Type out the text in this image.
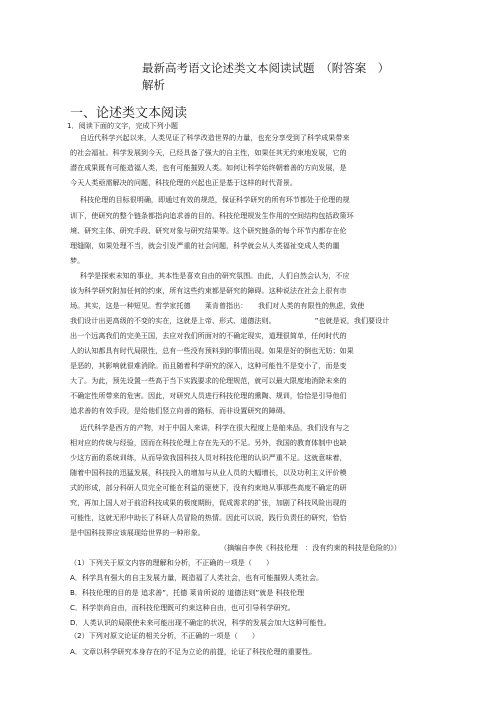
最新高考语文论述类文本阅读试题　（附答案　）
解析
一、论述类文本阅读
1．阅读下面的文字，完成下列小题
自近代科学兴起以来，人类见证了科学改造世界的力量，也充分享受到了科学成果带来
的社会福祉。科学发展到今天，已经具备了强大的自主性，如果任其无约束地发展，它的
潜在成果既有可能造福人类，也有可能摧毁人类。如何让科学始终朝着善的方向发展，是
今天人类亟需解决的问题，科技伦理的兴起也正是基于这样的时代背景。
科技伦理的目标很明确，即通过有效的规范，保证科学研究的所有环节都处于伦理的规
训下，使研究的整个链条都指向追求善的目的。科技伦理规发生作用的空间结构包括政策环
境、研究主体、研究手段、研究对象与研究结果等。这个研究链条的每个环节内都存在伦
理缝隙，如果处理不当，就会引发严重的社会问题，科学就会从人类福祉变成人类的噩
梦。
科学是探索未知的事业，其本性是喜欢自由的研究氛围。由此，人们自然会认为，不应
该为科学研究附加任何的约束，所有这些约束都是研究的障碍。这种说法在社会上很有市
场。其实，这是一种短见。哲学家托德　　莱肯曾指出：　　我们对人类的有限性的焦虑，致使
我们设计出更高级的不变的实在，这就是上帝、形式、道德法则。　　　　　　”也就是说，我们要设计
出一个远离我们的完美王国，去应对我们所面对的不确定现实，道理很简单，任何时代的
人的认知都具有时代局限性，总有一些没有预料到的事情出现。如果是好的倒也无妨；如果
是恶的，其影响就很难消除。而且随着科学研究的深入，这种可能性不是变小了，而是变
大了。为此，预先设置一些高于当下实践要求的伦理规范，就可以最大限度地消除未来的
不确定性所带来的危害。因此，对研究人员进行科技伦理的熏陶、规训，恰恰是引导他们
追求善的有效手段，是给他们竖立向善的路标，而非设置研究的障碍。
近代科学是西方的产物，对于中国人来讲，科学在很大程度上是舶来品，我们没有与之
相对应的传统与经验，因而在科技伦理上存在先天的不足。另外，我国的教育体制中也缺
少这方面的系统训练，从而导致我国科技人员对科技伦理的认识严重不足。这就意味着，
随着中国科技的迅猛发展，科技投入的增加与从业人员的大幅增长，以及功利主义评价模
式的形成，部分科研人员完全可能在利益的驱使下，没有约束地从事那些高度不确定的研
究，再加上国人对于前沿科技成果的极度期盼，促成需求的扩张，加剧了科技风险出现的
可能性，这就无形中助长了科研人员冒险的热情。因此可以说，践行负责任的研究，恰恰
是中国科技界应该展现给世界的一种形象。
（摘编自李侠《科技伦理　：没有约束的科技是危险的》）
（1）下列关于原文内容的理解和分析，不正确的一项是（　　）
A．科学具有强大的自主发展力量，既造福了人类社会，也有可能摧毁人类社会。
B．科技伦理的目的是 追求善”，托德 莱肯所说的 道德法则”就是 科技伦理
C．科学崇尚自由，而科技伦理既可约束这种自由，也可引导科学研究。
D．人类认识的局限使未来可能出现不确定的状况，科学的发展会加大这种可能性。
（2）下列对原文论证的相关分析，不正确的一项是（　　）
A．文章以科学研究本身存在的不足为立论的前提，论证了科技伦理的重要性。
